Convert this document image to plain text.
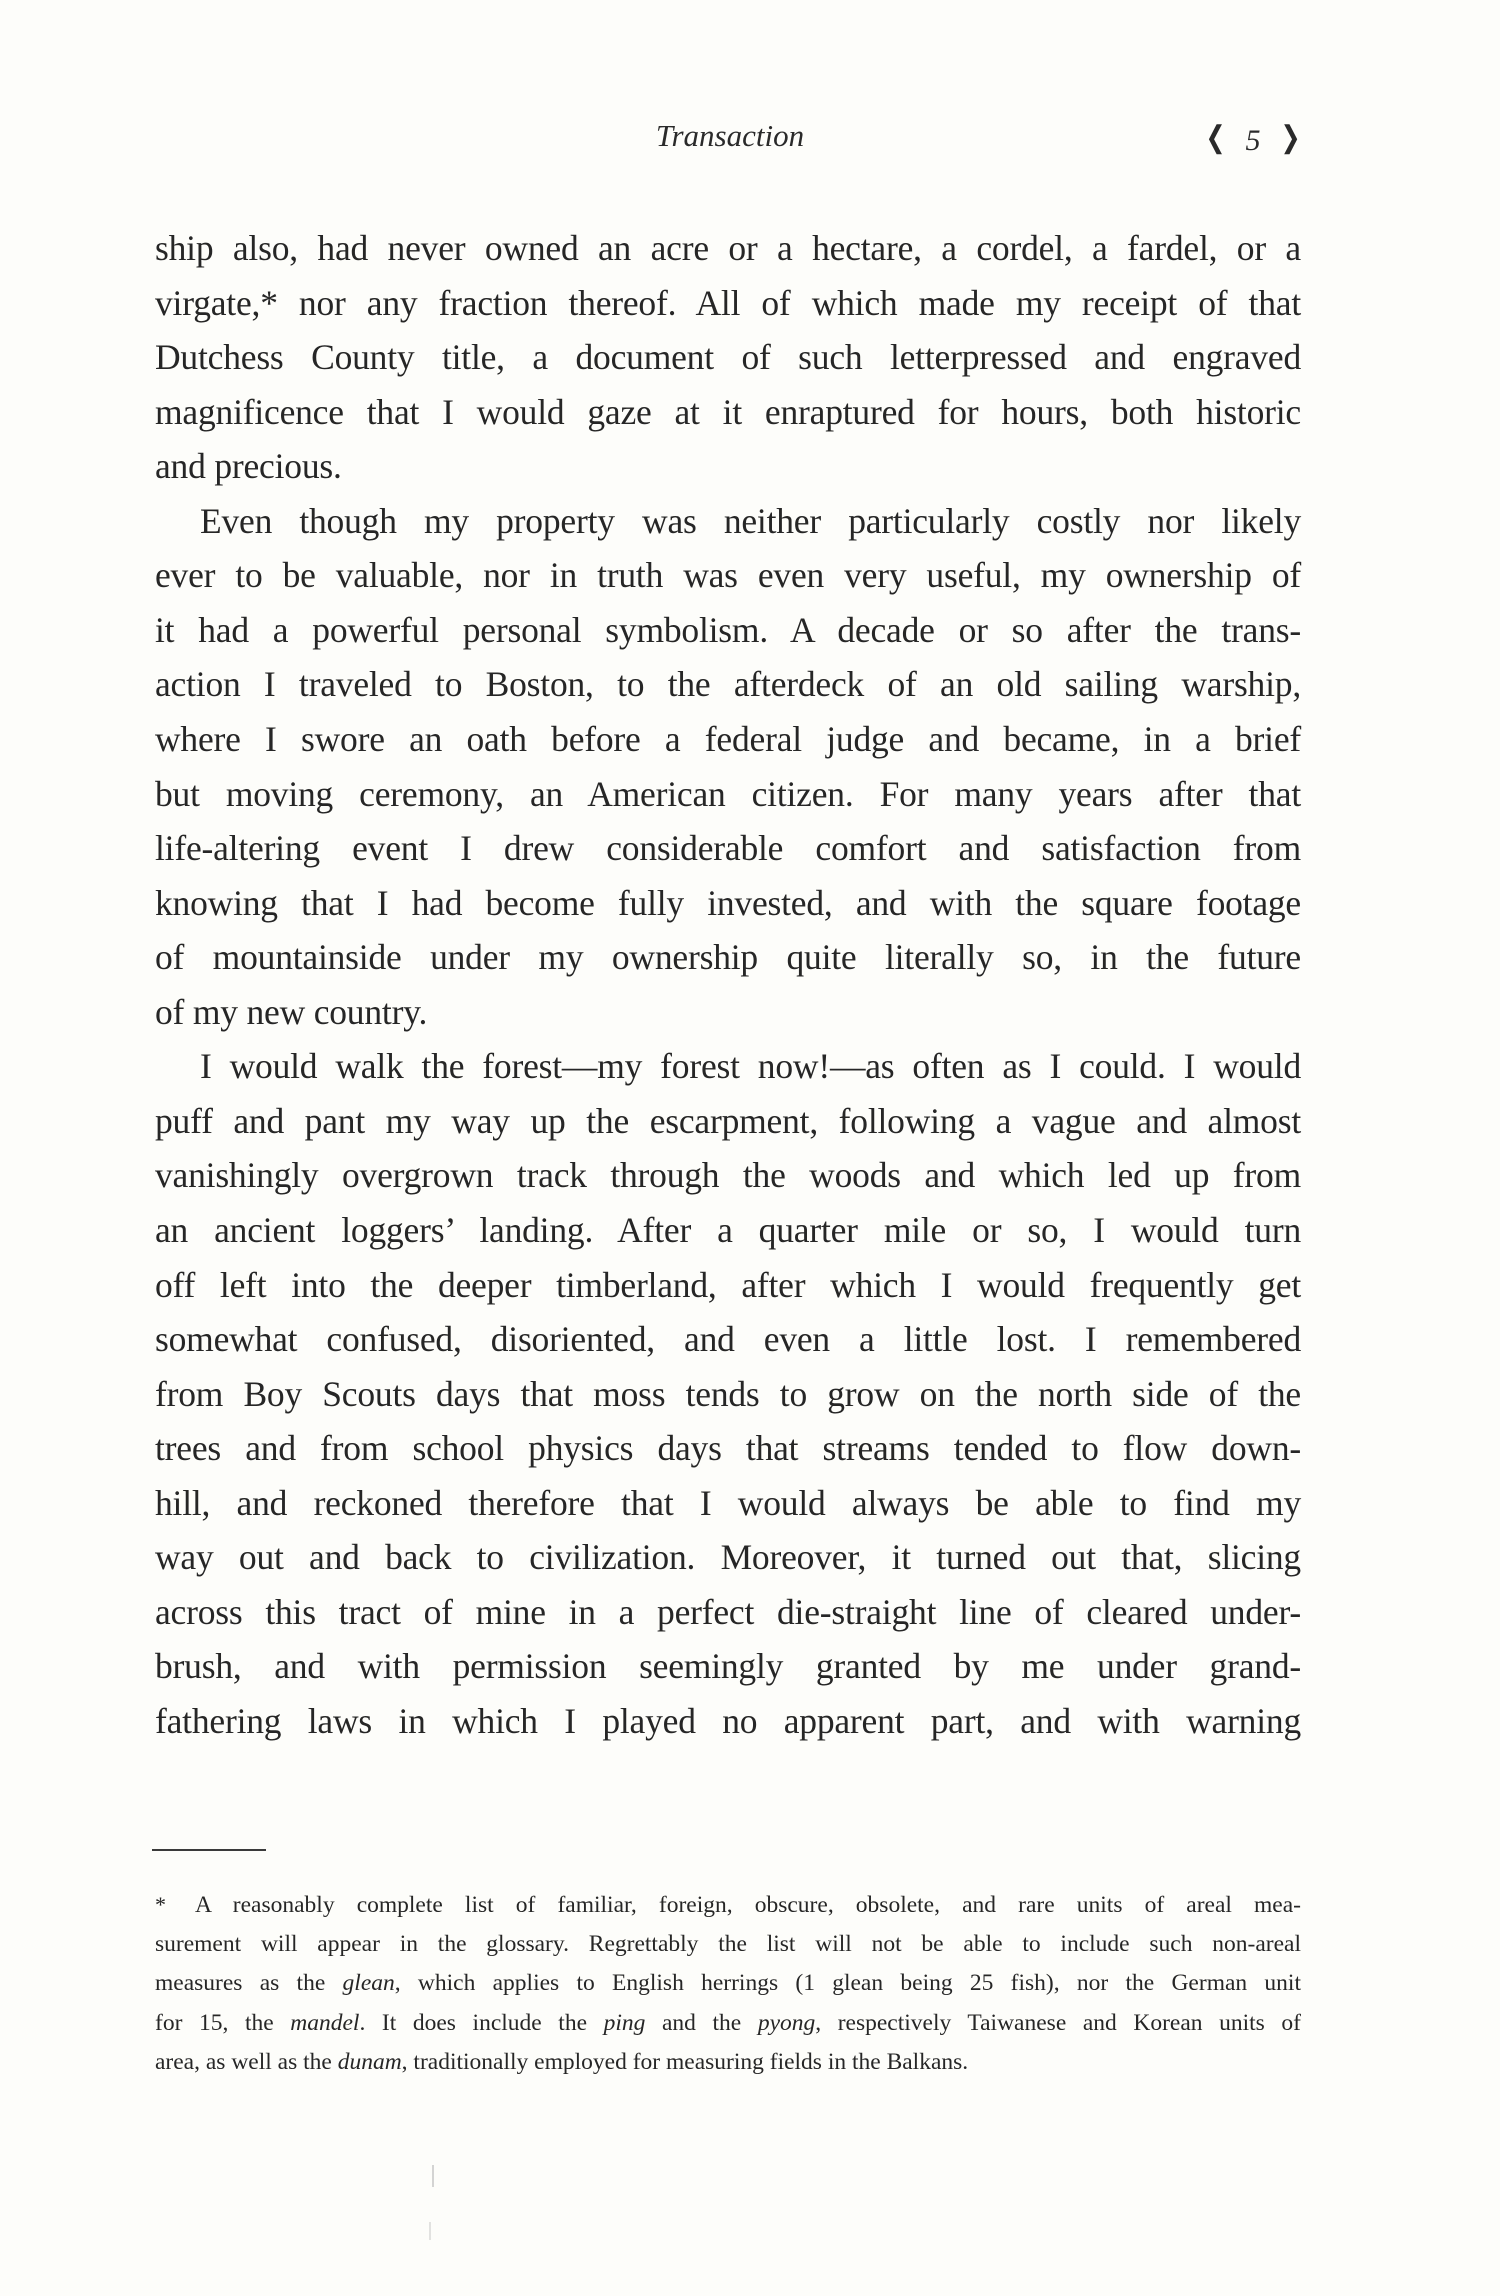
Transaction	❮ 5 ❯
ship also, had never owned an acre or a hectare, a cordel, a fardel, or a
virgate,* nor any fraction thereof. All of which made my receipt of that
Dutchess County title, a document of such letterpressed and engraved
magnificence that I would gaze at it enraptured for hours, both historic
and precious.
Even though my property was neither particularly costly nor likely
ever to be valuable, nor in truth was even very useful, my ownership of
it had a powerful personal symbolism. A decade or so after the trans-
action I traveled to Boston, to the afterdeck of an old sailing warship,
where I swore an oath before a federal judge and became, in a brief
but moving ceremony, an American citizen. For many years after that
life-altering event I drew considerable comfort and satisfaction from
knowing that I had become fully invested, and with the square footage
of mountainside under my ownership quite literally so, in the future
of my new country.
I would walk the forest—my forest now!—as often as I could. I would
puff and pant my way up the escarpment, following a vague and almost
vanishingly overgrown track through the woods and which led up from
an ancient loggers’ landing. After a quarter mile or so, I would turn
off left into the deeper timberland, after which I would frequently get
somewhat confused, disoriented, and even a little lost. I remembered
from Boy Scouts days that moss tends to grow on the north side of the
trees and from school physics days that streams tended to flow down-
hill, and reckoned therefore that I would always be able to find my
way out and back to civilization. Moreover, it turned out that, slicing
across this tract of mine in a perfect die-straight line of cleared under-
brush, and with permission seemingly granted by me under grand-
fathering laws in which I played no apparent part, and with warning
* A reasonably complete list of familiar, foreign, obscure, obsolete, and rare units of areal mea-
surement will appear in the glossary. Regrettably the list will not be able to include such non-areal
measures as the glean, which applies to English herrings (1 glean being 25 fish), nor the German unit
for 15, the mandel. It does include the ping and the pyong, respectively Taiwanese and Korean units of
area, as well as the dunam, traditionally employed for measuring fields in the Balkans.
